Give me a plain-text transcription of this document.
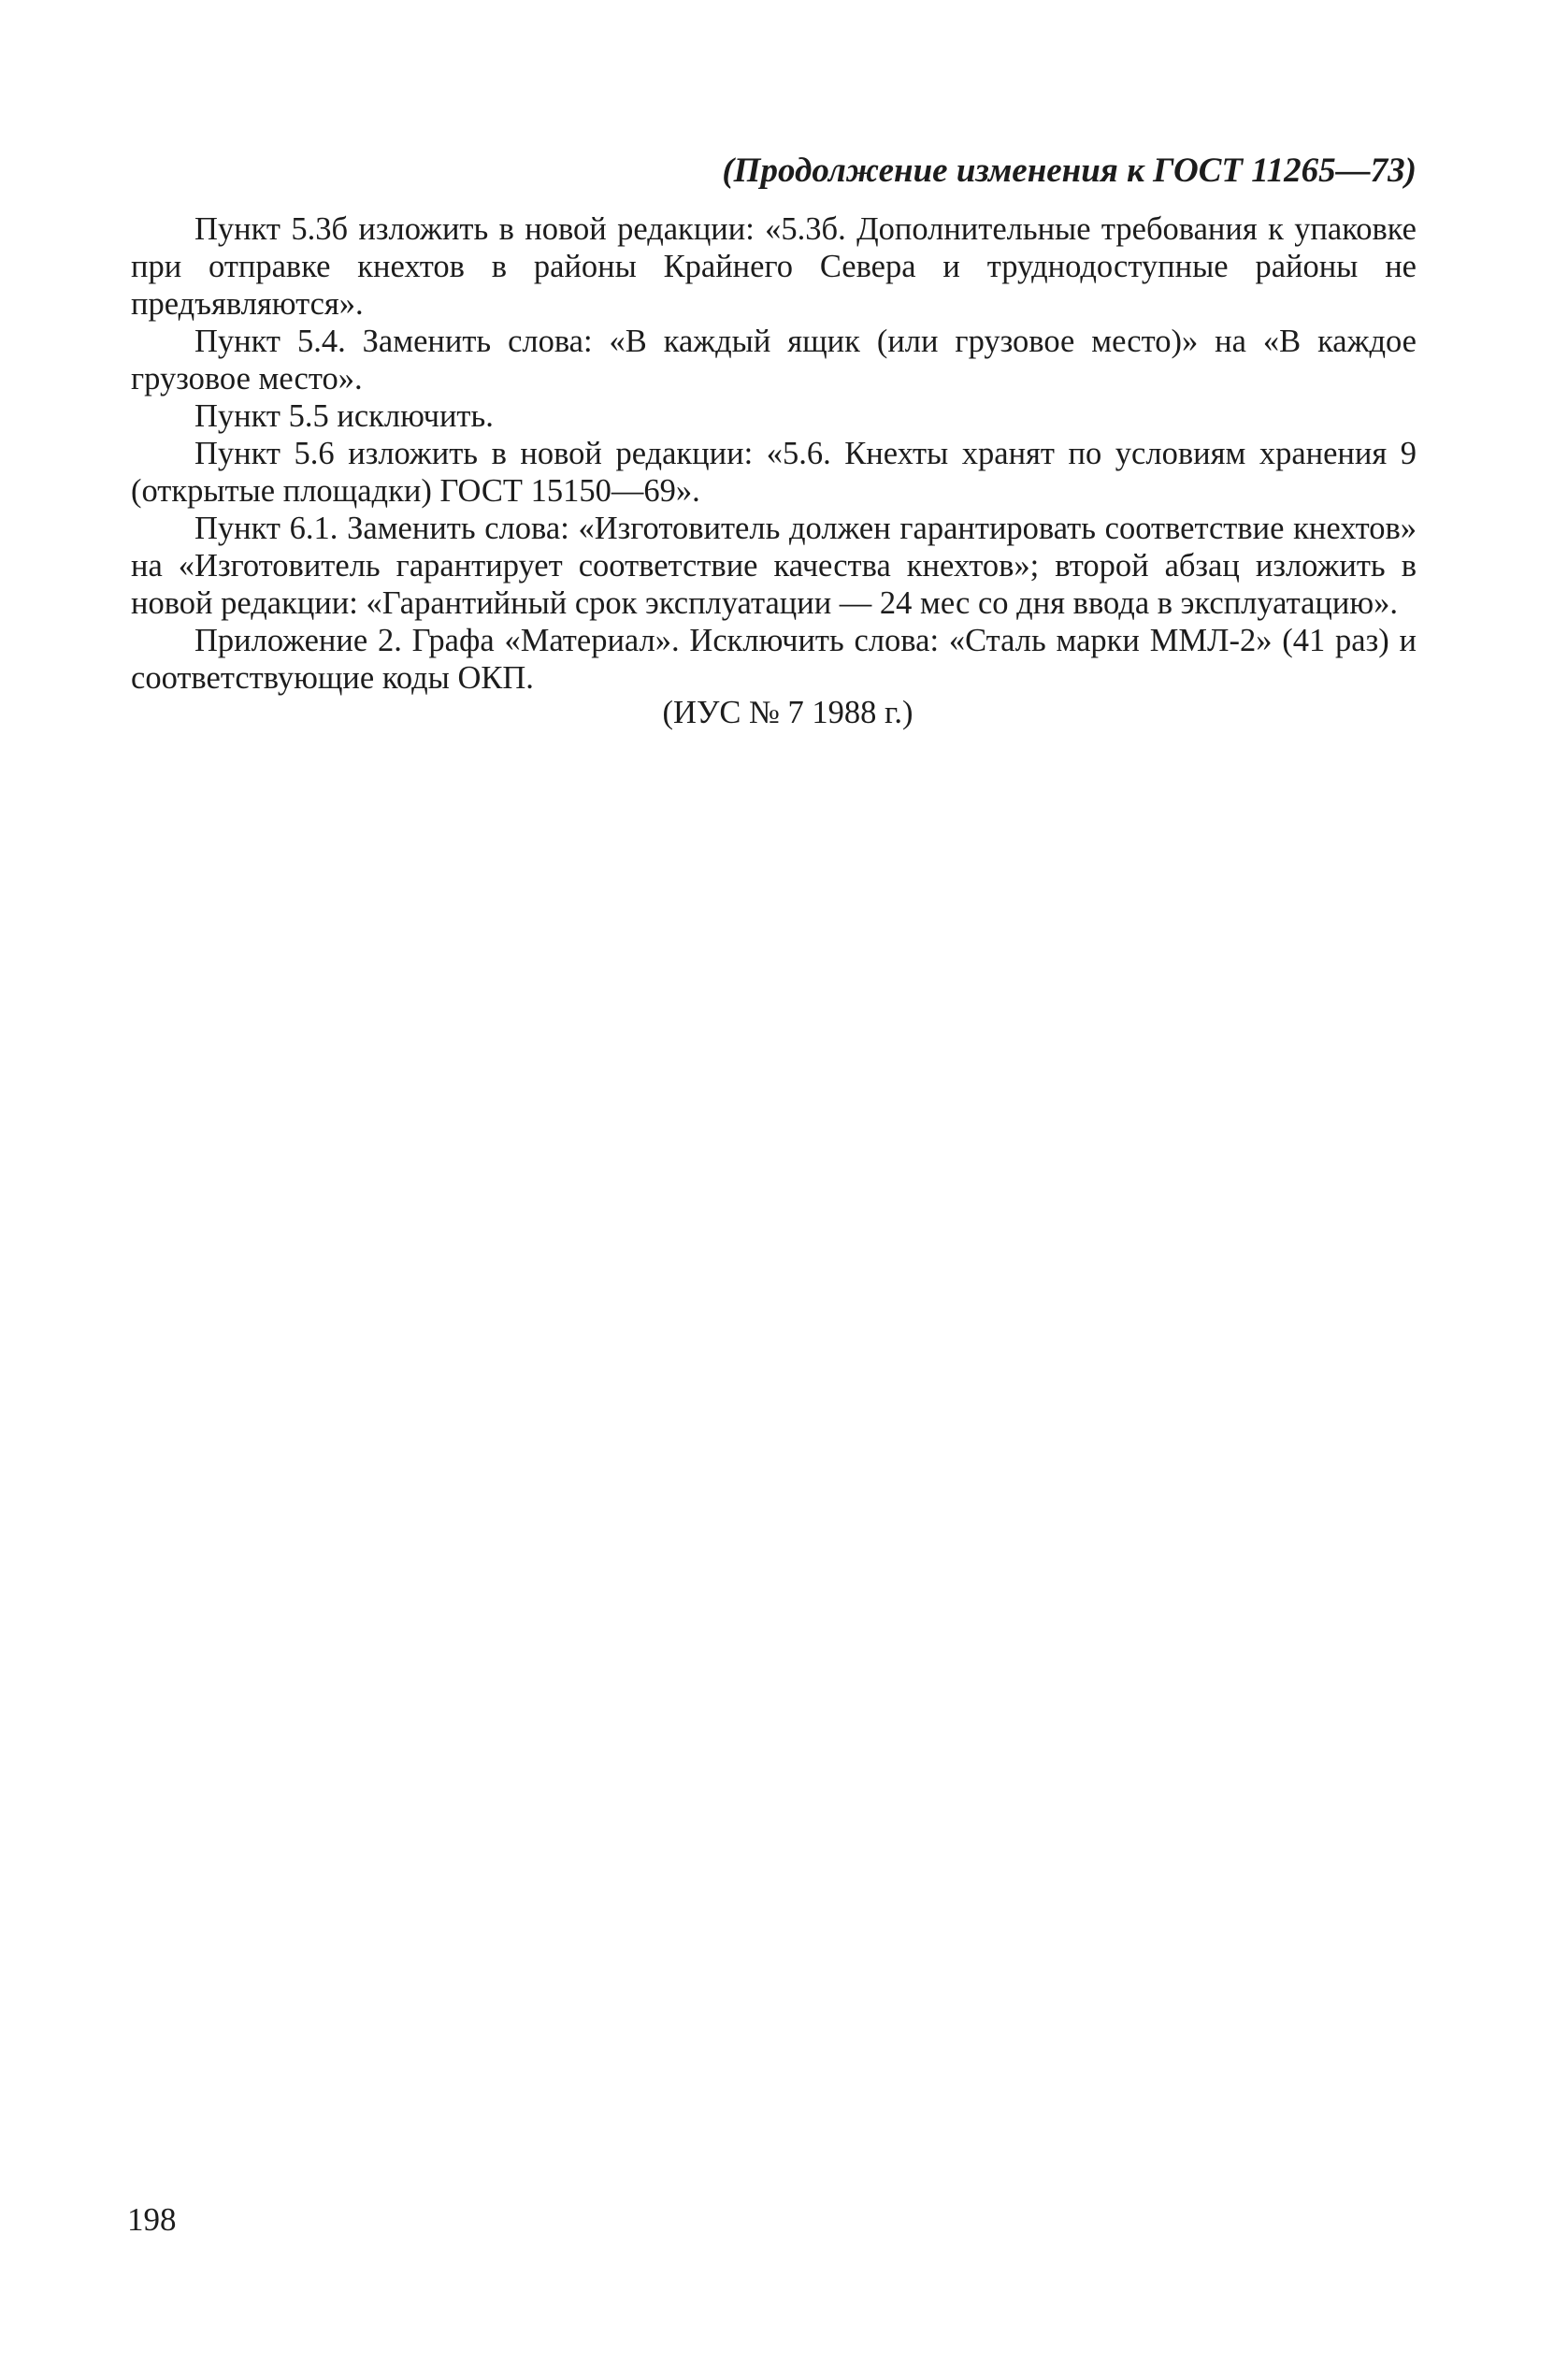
(Продолжение изменения к ГОСТ 11265—73)

Пункт 5.3б изложить в новой редакции: «5.3б. Дополнительные требования к упаковке при отправке кнехтов в районы Крайнего Севера и труднодоступные районы не предъявляются».

Пункт 5.4. Заменить слова: «В каждый ящик (или грузовое место)» на «В каждое грузовое место».

Пункт 5.5 исключить.

Пункт 5.6 изложить в новой редакции: «5.6. Кнехты хранят по условиям хранения 9 (открытые площадки) ГОСТ 15150—69».

Пункт 6.1. Заменить слова: «Изготовитель должен гарантировать соответствие кнехтов» на «Изготовитель гарантирует соответствие качества кнехтов»; второй абзац изложить в новой редакции: «Гарантийный срок эксплуатации — 24 мес со дня ввода в эксплуатацию».

Приложение 2. Графа «Материал». Исключить слова: «Сталь марки ММЛ-2» (41 раз) и соответствующие коды ОКП.

(ИУС № 7 1988 г.)
198
